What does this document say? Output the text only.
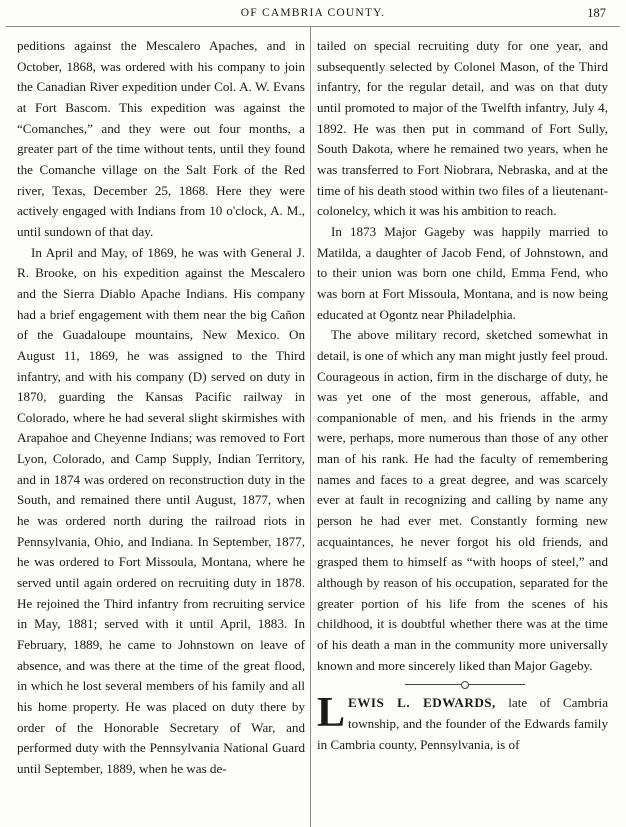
OF CAMBRIA COUNTY.	187

peditions against the Mescalero Apaches, and in October, 1868, was ordered with his company to join the Canadian River expedition under Col. A. W. Evans at Fort Bascom. This expedition was against the “Comanches,” and they were out four months, a greater part of the time without tents, until they found the Comanche village on the Salt Fork of the Red river, Texas, December 25, 1868. Here they were actively engaged with Indians from 10 o'clock, A. M., until sundown of that day.

In April and May, of 1869, he was with General J. R. Brooke, on his expedition against the Mescalero and the Sierra Diablo Apache Indians. His company had a brief engagement with them near the big Cañon of the Guadaloupe mountains, New Mexico. On August 11, 1869, he was assigned to the Third infantry, and with his company (D) served on duty in 1870, guarding the Kansas Pacific railway in Colorado, where he had several slight skirmishes with Arapahoe and Cheyenne Indians; was removed to Fort Lyon, Colorado, and Camp Supply, Indian Territory, and in 1874 was ordered on reconstruction duty in the South, and remained there until August, 1877, when he was ordered north during the railroad riots in Pennsylvania, Ohio, and Indiana. In September, 1877, he was ordered to Fort Missoula, Montana, where he served until again ordered on recruiting duty in 1878. He rejoined the Third infantry from recruiting service in May, 1881; served with it until April, 1883. In February, 1889, he came to Johnstown on leave of absence, and was there at the time of the great flood, in which he lost several members of his family and all his home property. He was placed on duty there by order of the Honorable Secretary of War, and performed duty with the Pennsylvania National Guard until September, 1889, when he was de-

tailed on special recruiting duty for one year, and subsequently selected by Colonel Mason, of the Third infantry, for the regular detail, and was on that duty until promoted to major of the Twelfth infantry, July 4, 1892. He was then put in command of Fort Sully, South Dakota, where he remained two years, when he was transferred to Fort Niobrara, Nebraska, and at the time of his death stood within two files of a lieutenant-colonelcy, which it was his ambition to reach.

In 1873 Major Gageby was happily married to Matilda, a daughter of Jacob Fend, of Johnstown, and to their union was born one child, Emma Fend, who was born at Fort Missoula, Montana, and is now being educated at Ogontz near Philadelphia.

The above military record, sketched somewhat in detail, is one of which any man might justly feel proud. Courageous in action, firm in the discharge of duty, he was yet one of the most generous, affable, and companionable of men, and his friends in the army were, perhaps, more numerous than those of any other man of his rank. He had the faculty of remembering names and faces to a great degree, and was scarcely ever at fault in recognizing and calling by name any person he had ever met. Constantly forming new acquaintances, he never forgot his old friends, and grasped them to himself as “with hoops of steel,” and although by reason of his occupation, separated for the greater portion of his life from the scenes of his childhood, it is doubtful whether there was at the time of his death a man in the community more universally known and more sincerely liked than Major Gageby.

LEWIS L. EDWARDS, late of Cambria township, and the founder of the Edwards family in Cambria county, Pennsylvania, is of
